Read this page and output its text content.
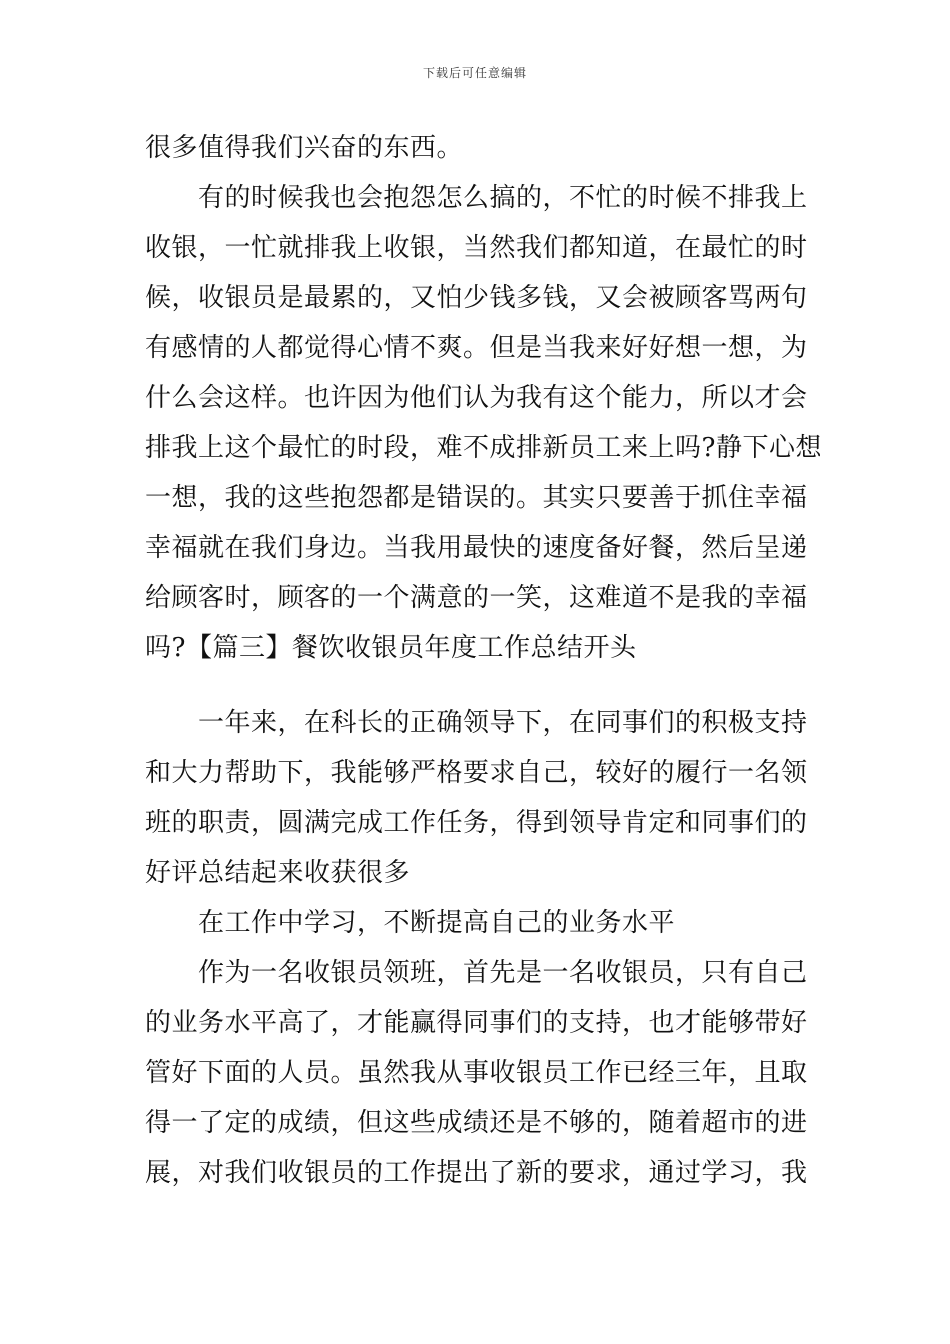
下载后可任意编辑
很多值得我们兴奋的东西。
　　有的时候我也会抱怨怎么搞的，不忙的时候不排我上
收银，一忙就排我上收银，当然我们都知道，在最忙的时
候，收银员是最累的，又怕少钱多钱，又会被顾客骂两句
有感情的人都觉得心情不爽。但是当我来好好想一想，为
什么会这样。也许因为他们认为我有这个能力，所以才会
排我上这个最忙的时段，难不成排新员工来上吗?静下心想
一想，我的这些抱怨都是错误的。其实只要善于抓住幸福
幸福就在我们身边。当我用最快的速度备好餐，然后呈递
给顾客时，顾客的一个满意的一笑，这难道不是我的幸福
吗?【篇三】餐饮收银员年度工作总结开头
　　一年来，在科长的正确领导下，在同事们的积极支持
和大力帮助下，我能够严格要求自己，较好的履行一名领
班的职责，圆满完成工作任务，得到领导肯定和同事们的
好评总结起来收获很多
　　在工作中学习，不断提高自己的业务水平
　　作为一名收银员领班，首先是一名收银员，只有自己
的业务水平高了，才能赢得同事们的支持，也才能够带好
管好下面的人员。虽然我从事收银员工作已经三年，且取
得一了定的成绩，但这些成绩还是不够的，随着超市的进
展，对我们收银员的工作提出了新的要求，通过学习，我
